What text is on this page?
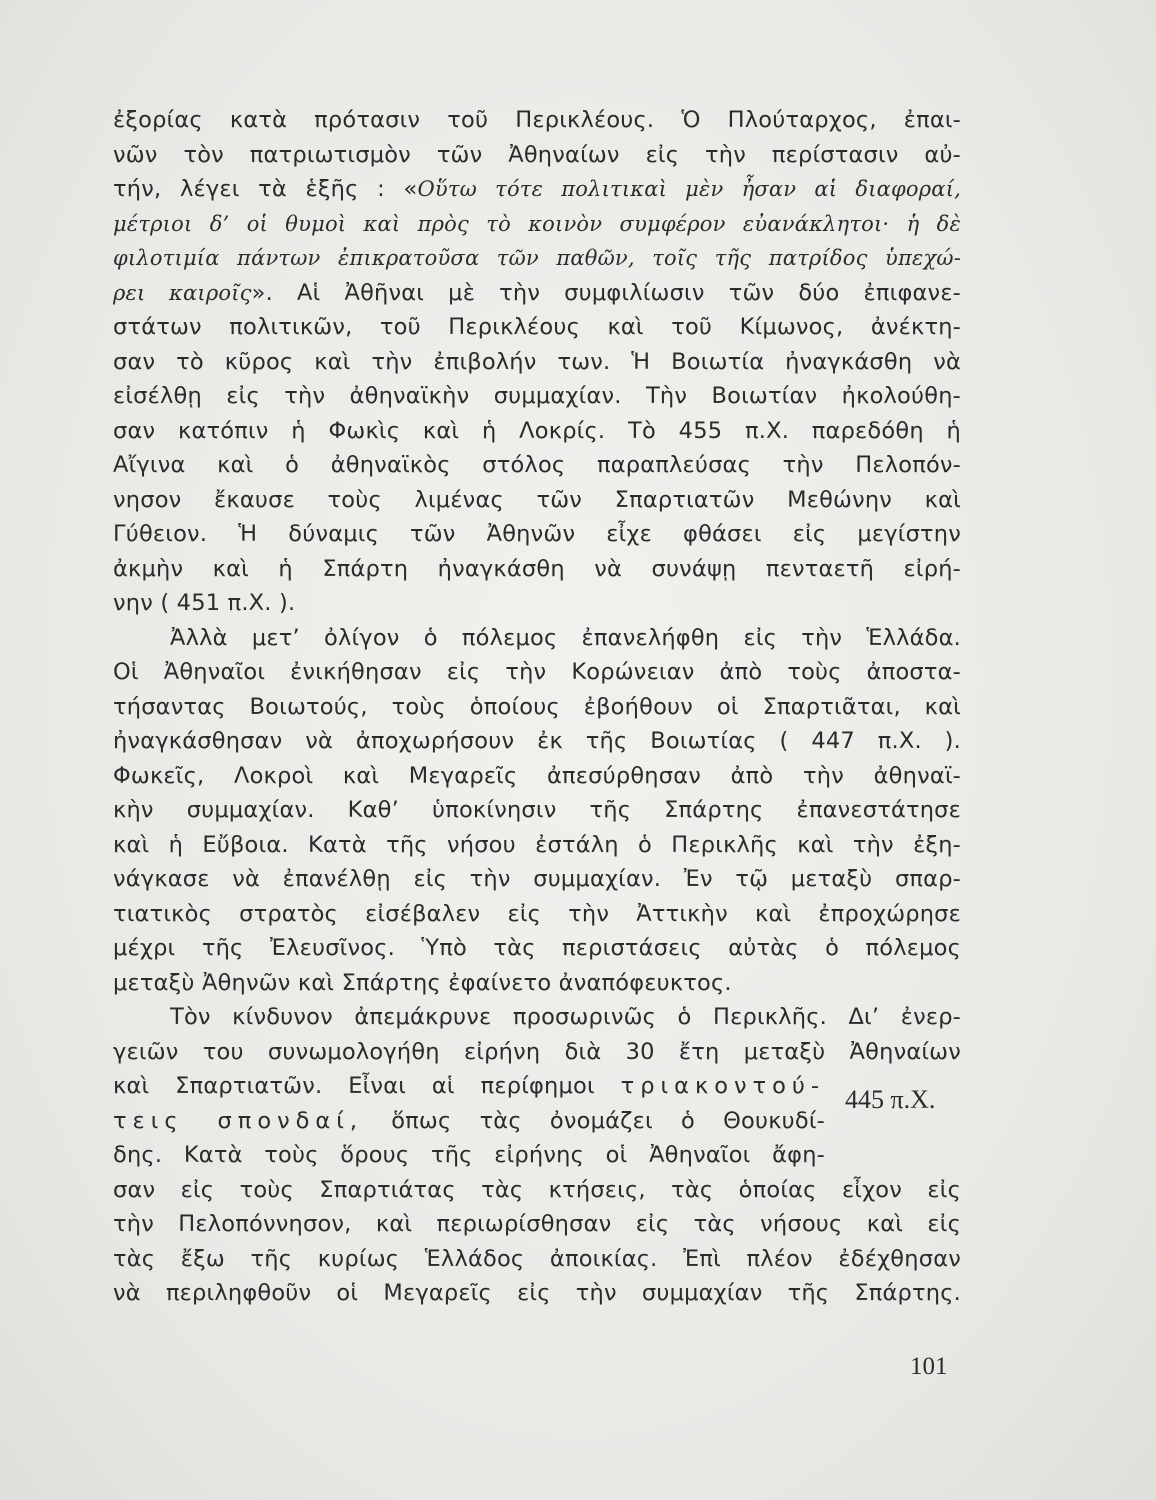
ἐξορίας κατὰ πρότασιν τοῦ Περικλέους. Ὁ Πλούταρχος, ἐπαι-
νῶν τὸν πατριωτισμὸν τῶν Ἀθηναίων εἰς τὴν περίστασιν αὐ-
τήν, λέγει τὰ ἑξῆς : «Οὕτω τότε πολιτικαὶ μὲν ἦσαν αἱ διαφοραί,
μέτριοι δ’ οἱ θυμοὶ καὶ πρὸς τὸ κοινὸν συμφέρον εὐανάκλητοι· ἡ δὲ
φιλοτιμία πάντων ἐπικρατοῦσα τῶν παθῶν, τοῖς τῆς πατρίδος ὑπεχώ-
ρει καιροῖς». Αἱ Ἀθῆναι μὲ τὴν συμφιλίωσιν τῶν δύο ἐπιφανε-
στάτων πολιτικῶν, τοῦ Περικλέους καὶ τοῦ Κίμωνος, ἀνέκτη-
σαν τὸ κῦρος καὶ τὴν ἐπιβολήν των. Ἡ Βοιωτία ἠναγκάσθη νὰ
εἰσέλθῃ εἰς τὴν ἀθηναϊκὴν συμμαχίαν. Τὴν Βοιωτίαν ἠκολούθη-
σαν κατόπιν ἡ Φωκὶς καὶ ἡ Λοκρίς. Τὸ 455 π.Χ. παρεδόθη ἡ
Αἴγινα καὶ ὁ ἀθηναϊκὸς στόλος παραπλεύσας τὴν Πελοπόν-
νησον ἔκαυσε τοὺς λιμένας τῶν Σπαρτιατῶν Μεθώνην καὶ
Γύθειον. Ἡ δύναμις τῶν Ἀθηνῶν εἶχε φθάσει εἰς μεγίστην
ἀκμὴν καὶ ἡ Σπάρτη ἠναγκάσθη νὰ συνάψῃ πενταετῆ εἰρή-
νην ( 451 π.Χ. ).
Ἀλλὰ μετ’ ὀλίγον ὁ πόλεμος ἐπανελήφθη εἰς τὴν Ἑλλάδα.
Οἱ Ἀθηναῖοι ἐνικήθησαν εἰς τὴν Κορώνειαν ἀπὸ τοὺς ἀποστα-
τήσαντας Βοιωτούς, τοὺς ὁποίους ἐβοήθουν οἱ Σπαρτιᾶται, καὶ
ἠναγκάσθησαν νὰ ἀποχωρήσουν ἐκ τῆς Βοιωτίας ( 447 π.Χ. ).
Φωκεῖς, Λοκροὶ καὶ Μεγαρεῖς ἀπεσύρθησαν ἀπὸ τὴν ἀθηναϊ-
κὴν συμμαχίαν. Καθ’ ὑποκίνησιν τῆς Σπάρτης ἐπανεστάτησε
καὶ ἡ Εὔβοια. Κατὰ τῆς νήσου ἐστάλη ὁ Περικλῆς καὶ τὴν ἐξη-
νάγκασε νὰ ἐπανέλθῃ εἰς τὴν συμμαχίαν. Ἐν τῷ μεταξὺ σπαρ-
τιατικὸς στρατὸς εἰσέβαλεν εἰς τὴν Ἀττικὴν καὶ ἐπροχώρησε
μέχρι τῆς Ἐλευσῖνος. Ὑπὸ τὰς περιστάσεις αὐτὰς ὁ πόλεμος
μεταξὺ Ἀθηνῶν καὶ Σπάρτης ἐφαίνετο ἀναπόφευκτος.
Τὸν κίνδυνον ἀπεμάκρυνε προσωρινῶς ὁ Περικλῆς. Δι’ ἐνερ-
γειῶν του συνωμολογήθη εἰρήνη διὰ 30 ἔτη μεταξὺ Ἀθηναίων
καὶ Σπαρτιατῶν. Εἶναι αἱ περίφημοι τριακοντού-
τεις σπονδαί, ὅπως τὰς ὀνομάζει ὁ Θουκυδί-
δης. Κατὰ τοὺς ὅρους τῆς εἰρήνης οἱ Ἀθηναῖοι ἄφη-
σαν εἰς τοὺς Σπαρτιάτας τὰς κτήσεις, τὰς ὁποίας εἶχον εἰς
τὴν Πελοπόννησον, καὶ περιωρίσθησαν εἰς τὰς νήσους καὶ εἰς
τὰς ἔξω τῆς κυρίως Ἑλλάδος ἀποικίας. Ἐπὶ πλέον ἐδέχθησαν
νὰ περιληφθοῦν οἱ Μεγαρεῖς εἰς τὴν συμμαχίαν τῆς Σπάρτης.
445 π.Χ.
101
